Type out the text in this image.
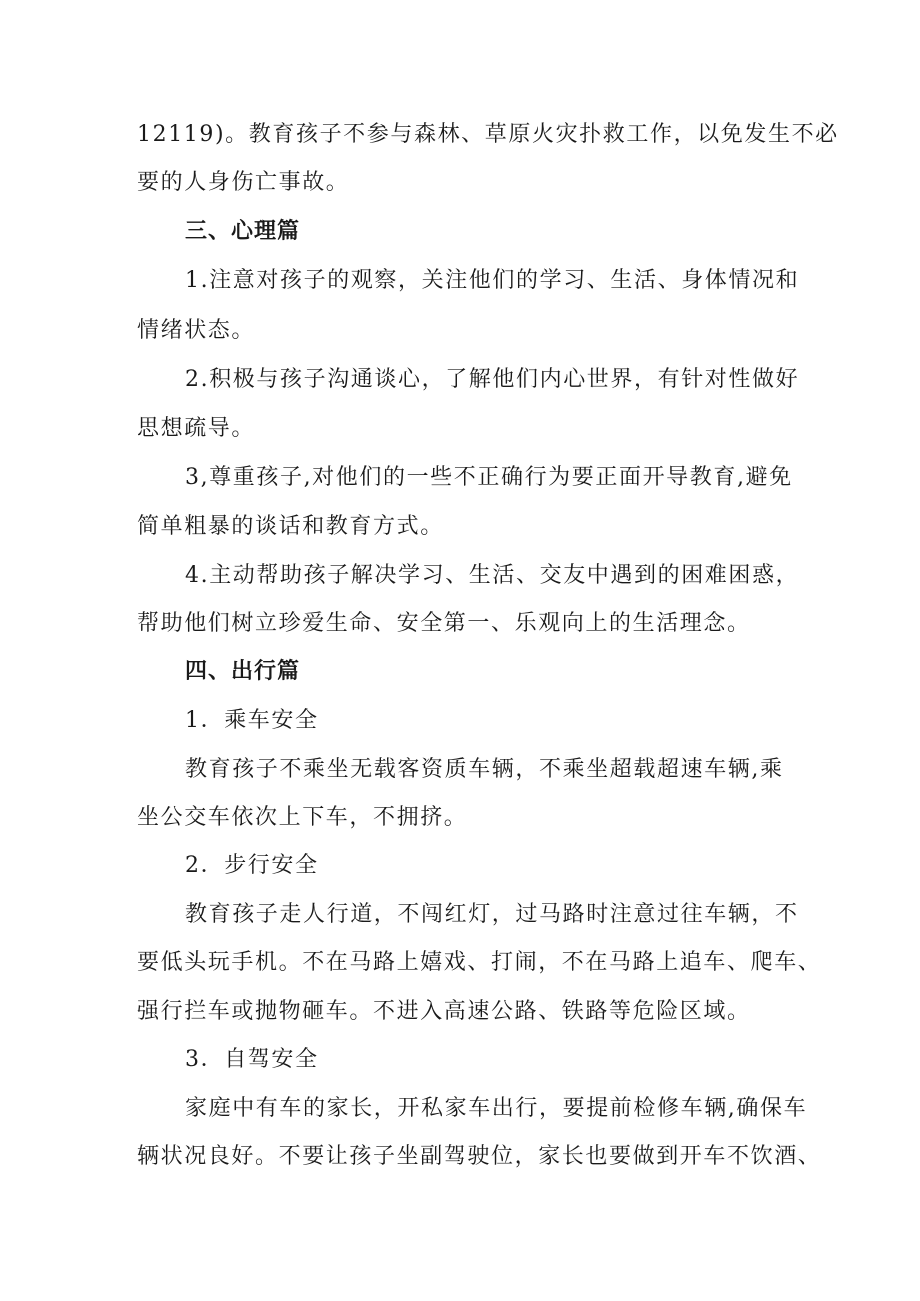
12119)。教育孩子不参与森林、草原火灾扑救工作，以免发生不必
要的人身伤亡事故。
三、心理篇
1.注意对孩子的观察，关注他们的学习、生活、身体情况和
情绪状态。
2.积极与孩子沟通谈心，了解他们内心世界，有针对性做好
思想疏导。
3,尊重孩子,对他们的一些不正确行为要正面开导教育,避免
简单粗暴的谈话和教育方式。
4.主动帮助孩子解决学习、生活、交友中遇到的困难困惑，
帮助他们树立珍爱生命、安全第一、乐观向上的生活理念。
四、出行篇
1．乘车安全
教育孩子不乘坐无载客资质车辆，不乘坐超载超速车辆,乘
坐公交车依次上下车，不拥挤。
2．步行安全
教育孩子走人行道，不闯红灯，过马路时注意过往车辆，不
要低头玩手机。不在马路上嬉戏、打闹，不在马路上追车、爬车、
强行拦车或抛物砸车。不进入高速公路、铁路等危险区域。
3．自驾安全
家庭中有车的家长，开私家车出行，要提前检修车辆,确保车
辆状况良好。不要让孩子坐副驾驶位，家长也要做到开车不饮酒、
